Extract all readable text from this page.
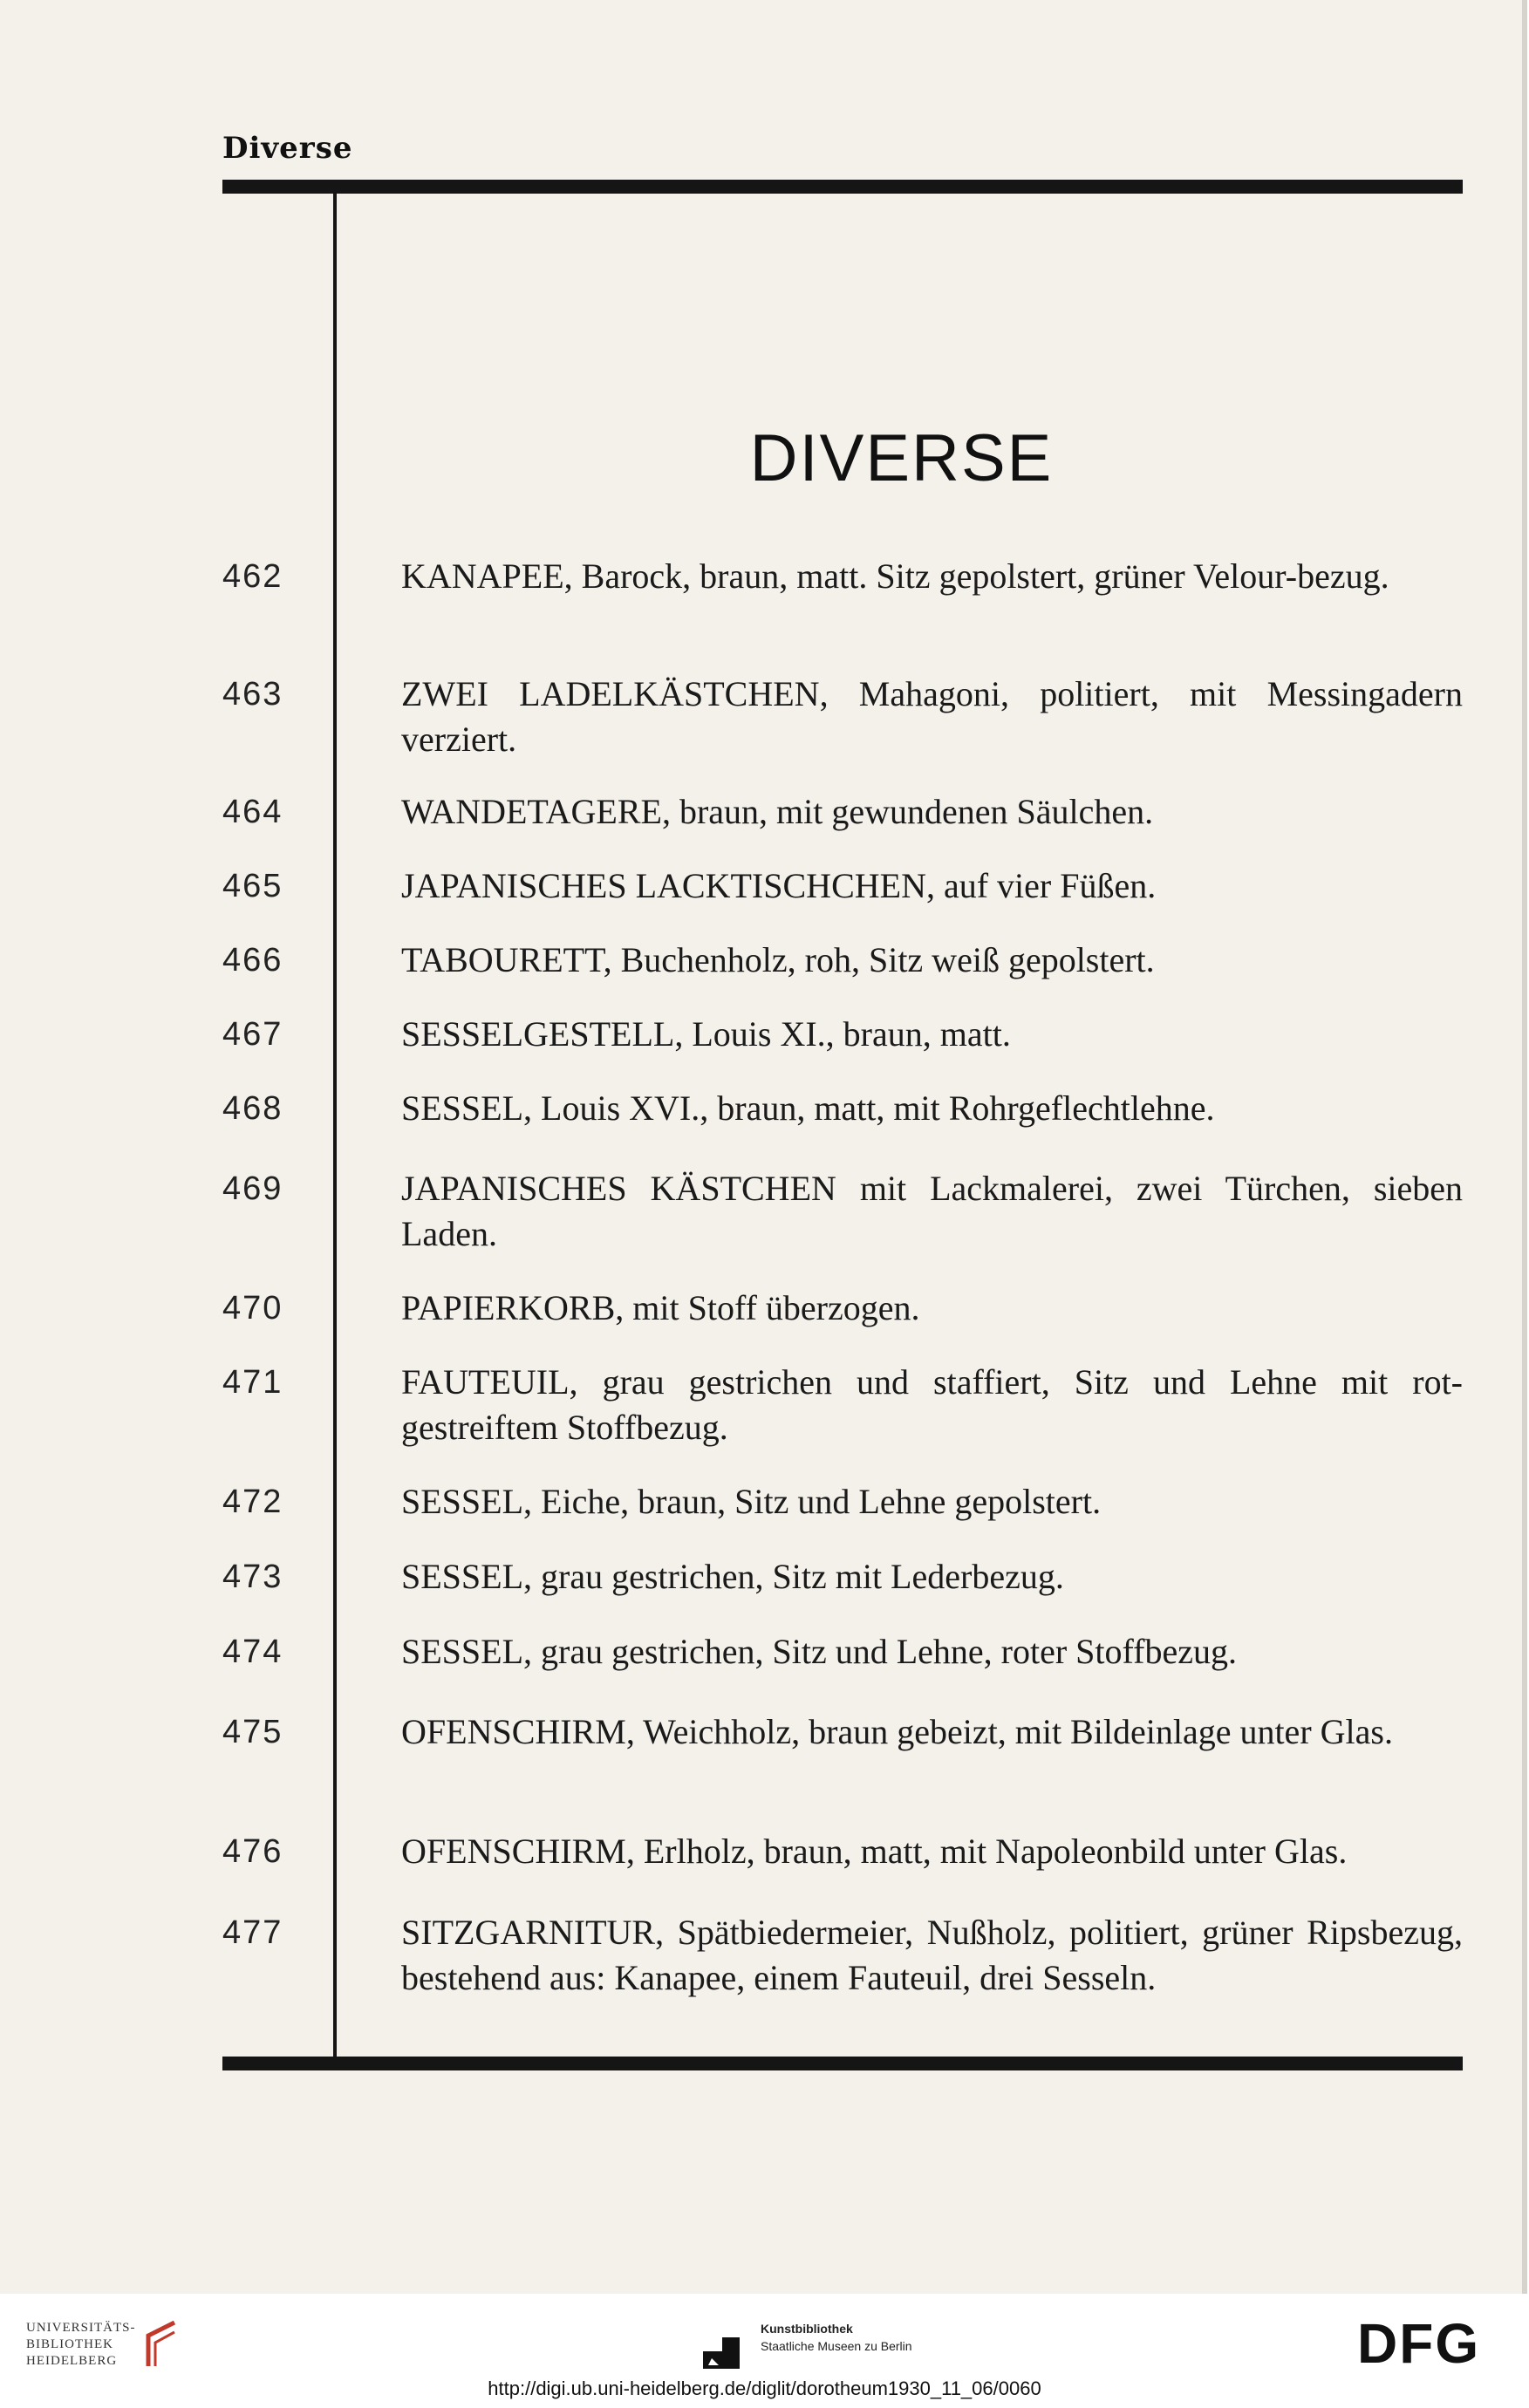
Diverse
DIVERSE
462	KANAPEE, Barock, braun, matt. Sitz gepolstert, grüner Velour-bezug.

463	ZWEI LADELKÄSTCHEN, Mahagoni, politiert, mit Messingadern verziert.

464	WANDETAGERE, braun, mit gewundenen Säulchen.

465	JAPANISCHES LACKTISCHCHEN, auf vier Füßen.

466	TABOURETT, Buchenholz, roh, Sitz weiß gepolstert.

467	SESSELGESTELL, Louis XI., braun, matt.

468	SESSEL, Louis XVI., braun, matt, mit Rohrgeflechtlehne.

469	JAPANISCHES KÄSTCHEN mit Lackmalerei, zwei Türchen, sieben Laden.

470	PAPIERKORB, mit Stoff überzogen.

471	FAUTEUIL, grau gestrichen und staffiert, Sitz und Lehne mit rot-gestreiftem Stoffbezug.

472	SESSEL, Eiche, braun, Sitz und Lehne gepolstert.

473	SESSEL, grau gestrichen, Sitz mit Lederbezug.

474	SESSEL, grau gestrichen, Sitz und Lehne, roter Stoffbezug.

475	OFENSCHIRM, Weichholz, braun gebeizt, mit Bildeinlage unter Glas.

476	OFENSCHIRM, Erlholz, braun, matt, mit Napoleonbild unter Glas.

477	SITZGARNITUR, Spätbiedermeier, Nußholz, politiert, grüner Ripsbezug, bestehend aus: Kanapee, einem Fauteuil, drei Sesseln.

UNIVERSITÄTS-
BIBLIOTHEK
HEIDELBERG
Kunstbibliothek
Staatliche Museen zu Berlin	DFG
http://digi.ub.uni-heidelberg.de/diglit/dorotheum1930_11_06/0060
